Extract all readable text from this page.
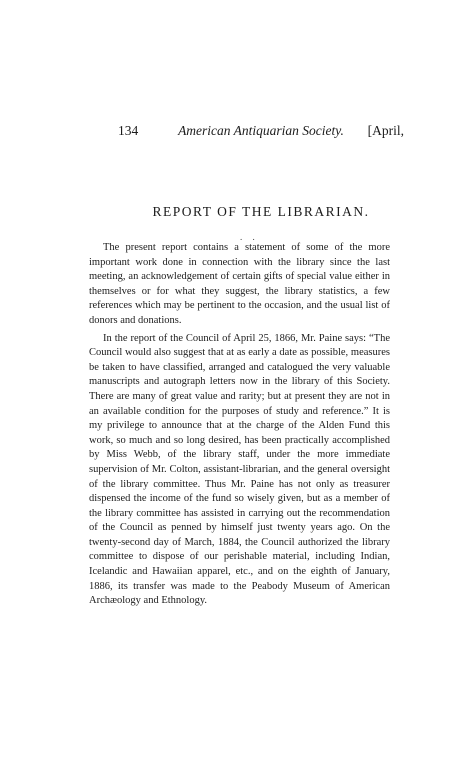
134	American Antiquarian Society.	[April,
REPORT OF THE LIBRARIAN.
. .

The present report contains a statement of some of the more important work done in connection with the library since the last meeting, an acknowledgement of certain gifts of special value either in themselves or for what they suggest, the library statistics, a few references which may be pertinent to the occasion, and the usual list of donors and donations.

In the report of the Council of April 25, 1866, Mr. Paine says: “The Council would also suggest that at as early a date as possible, measures be taken to have classified, arranged and catalogued the very valuable manuscripts and autograph letters now in the library of this Society. There are many of great value and rarity; but at present they are not in an available condition for the purposes of study and reference.” It is my privilege to announce that at the charge of the Alden Fund this work, so much and so long desired, has been practically accomplished by Miss Webb, of the library staff, under the more immediate supervision of Mr. Colton, assistant-librarian, and the general oversight of the library committee. Thus Mr. Paine has not only as treasurer dispensed the income of the fund so wisely given, but as a member of the library committee has assisted in carrying out the recommendation of the Council as penned by himself just twenty years ago. On the twenty-second day of March, 1884, the Council authorized the library committee to dispose of our perishable material, including Indian, Icelandic and Hawaiian apparel, etc., and on the eighth of January, 1886, its transfer was made to the Peabody Museum of American Archæology and Ethnology.
